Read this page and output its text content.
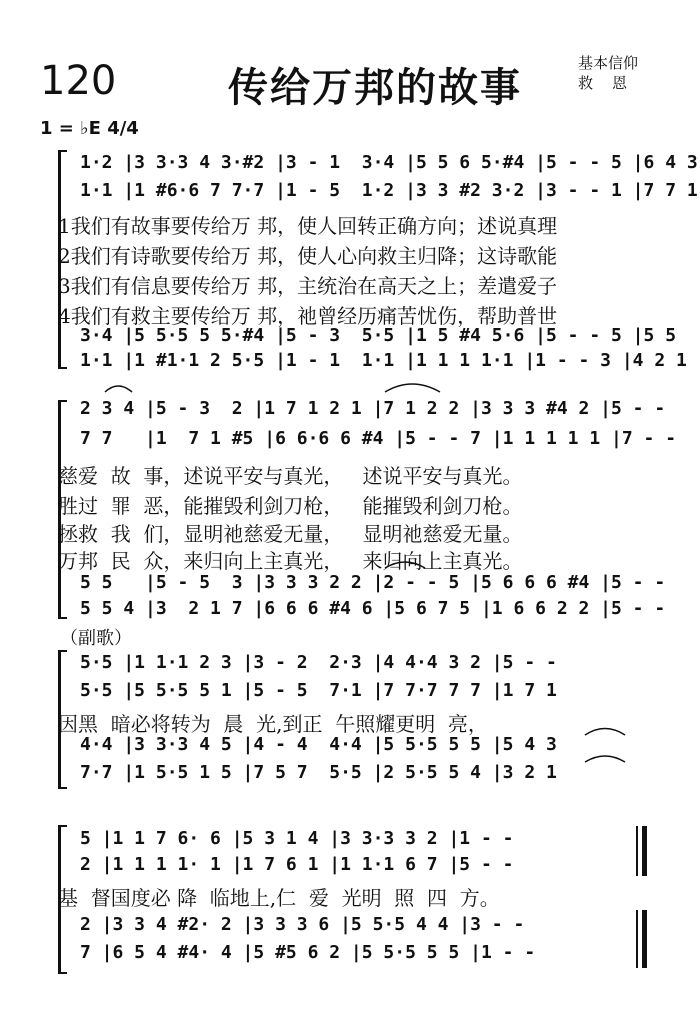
120	传给万邦的故事
基本信仰
救　恩
1 = ♭E 4/4
1·2 |3 3·3 4 3·#2 |3 - 1  3·4 |5 5 6 5·#4 |5 - - 5 |6 4 3
1·1 |1 #6·6 7 7·7 |1 - 5  1·2 |3 3 #2 3·2 |3 - - 1 |7 7 1
1我们有故事要传给万 邦，使人回转正确方向；述说真理
2我们有诗歌要传给万 邦，使人心向救主归降；这诗歌能
3我们有信息要传给万 邦，主统治在高天之上；差遣爱子
4我们有救主要传给万 邦，祂曾经历痛苦忧伤，帮助普世
3·4 |5 5·5 5 5·#4 |5 - 3  5·5 |1 5 #4 5·6 |5 - - 5 |5 5
1·1 |1 #1·1 2 5·5 |1 - 1  1·1 |1 1 1 1·1 |1 - - 3 |4 2 1
2 3 4 |5 - 3  2 |1 7 1 2 1 |7 1 2 2 |3 3 3 #4 2 |5 - -
7 7   |1  7 1 #5 |6 6·6 6 #4 |5 - - 7 |1 1 1 1 1 |7 - -
慈爱  故  事，述说平安与真光，   述说平安与真光。
胜过  罪  恶，能摧毁利剑刀枪，   能摧毁利剑刀枪。
拯救  我  们，显明祂慈爱无量，   显明祂慈爱无量。
万邦  民  众，来归向上主真光，   来归向上主真光。
5 5   |5 - 5  3 |3 3 3 2 2 |2 - - 5 |5 6 6 6 #4 |5 - -
5 5 4 |3  2 1 7 |6 6 6 #4 6 |5 6 7 5 |1 6 6 2 2 |5 - -
（副歌）
5·5 |1 1·1 2 3 |3 - 2  2·3 |4 4·4 3 2 |5 - -
5·5 |5 5·5 5 1 |5 - 5  7·1 |7 7·7 7 7 |1 7 1
因黑  暗必将转为  晨  光,到正  午照耀更明  亮，
4·4 |3 3·3 4 5 |4 - 4  4·4 |5 5·5 5 5 |5 4 3
7·7 |1 5·5 1 5 |7 5 7  5·5 |2 5·5 5 4 |3 2 1
5 |1 1 7 6· 6 |5 3 1 4 |3 3·3 3 2 |1 - -
2 |1 1 1 1· 1 |1 7 6 1 |1 1·1 6 7 |5 - -
基  督国度必 降  临地上,仁  爱  光明  照  四  方。
2 |3 3 4 #2· 2 |3 3 3 6 |5 5·5 4 4 |3 - -
7 |6 5 4 #4· 4 |5 #5 6 2 |5 5·5 5 5 |1 - -
